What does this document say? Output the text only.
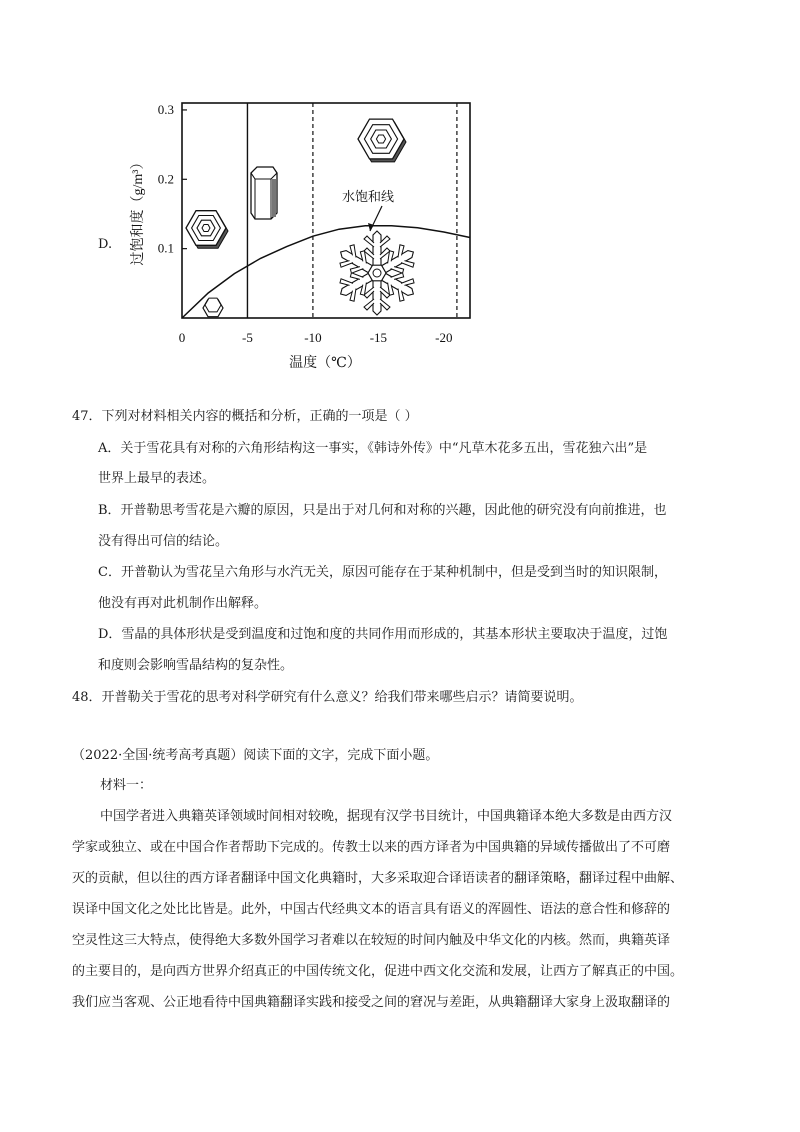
D.	0.1
0.2
0.3
0	-5	-10	-15	-20
水饱和线
温度（℃）
过饱和度（g/m³）
47．下列对材料相关内容的概括和分析，正确的一项是（ ）
A．关于雪花具有对称的六角形结构这一事实，《韩诗外传》中“凡草木花多五出，雪花独六出”是
世界上最早的表述。
B．开普勒思考雪花是六瓣的原因，只是出于对几何和对称的兴趣，因此他的研究没有向前推进，也
没有得出可信的结论。
C．开普勒认为雪花呈六角形与水汽无关，原因可能存在于某种机制中，但是受到当时的知识限制，
他没有再对此机制作出解释。
D．雪晶的具体形状是受到温度和过饱和度的共同作用而形成的，其基本形状主要取决于温度，过饱
和度则会影响雪晶结构的复杂性。
48．开普勒关于雪花的思考对科学研究有什么意义？给我们带来哪些启示？请简要说明。
（2022·全国·统考高考真题）阅读下面的文字，完成下面小题。
材料一：
中国学者进入典籍英译领域时间相对较晚，据现有汉学书目统计，中国典籍译本绝大多数是由西方汉
学家或独立、或在中国合作者帮助下完成的。传教士以来的西方译者为中国典籍的异域传播做出了不可磨
灭的贡献，但以往的西方译者翻译中国文化典籍时，大多采取迎合译语读者的翻译策略，翻译过程中曲解、
误译中国文化之处比比皆是。此外，中国古代经典文本的语言具有语义的浑圆性、语法的意合性和修辞的
空灵性这三大特点，使得绝大多数外国学习者难以在较短的时间内触及中华文化的内核。然而，典籍英译
的主要目的，是向西方世界介绍真正的中国传统文化，促进中西文化交流和发展，让西方了解真正的中国。
我们应当客观、公正地看待中国典籍翻译实践和接受之间的窘况与差距，从典籍翻译大家身上汲取翻译的
